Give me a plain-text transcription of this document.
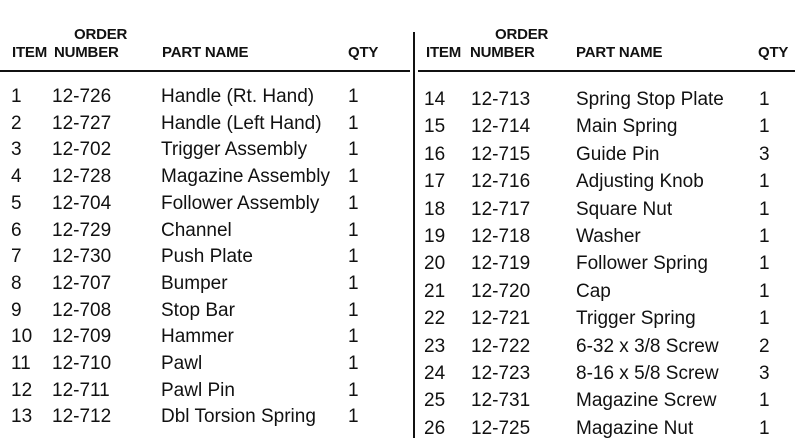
ORDER
ITEM NUMBER	PART NAME	QTY
1 12-726	Handle (Rt. Hand) 1
2 12-727	Handle (Left Hand) 1
3 12-702	Trigger Assembly 1
4 12-728	Magazine Assembly 1
5 12-704	Follower Assembly 1
6 12-729	Channel	1
7 12-730	Push Plate	1
8 12-707	Bumper	1
9 12-708	Stop Bar	1
10 12-709	Hammer	1
11 12-710	Pawl	1
12 12-711	Pawl Pin	1
13 12-712	Dbl Torsion Spring 1
ORDER
ITEM NUMBER	PART NAME	QTY
14 12-713 Spring Stop Plate 1
15 12-714 Main Spring	1
16 12-715 Guide Pin	3
17 12-716 Adjusting Knob	1
18 12-717 Square Nut	1
19 12-718 Washer	1
20 12-719 Follower Spring	1
21 12-720 Cap	1
22 12-721 Trigger Spring	1
23 12-722 6-32 x 3/8 Screw 2
24 12-723 8-16 x 5/8 Screw 3
25 12-731 Magazine Screw 1
26 12-725 Magazine Nut	1
